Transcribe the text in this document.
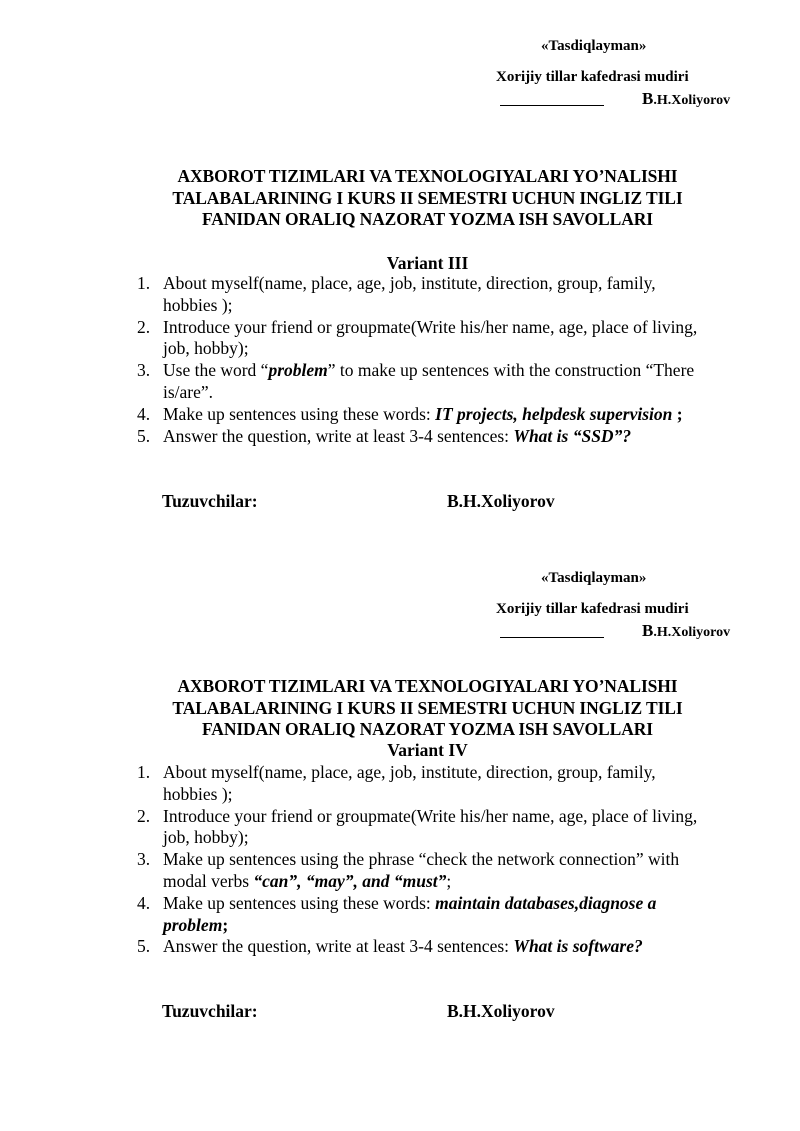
«Tasdiqlayman»
Xorijiy tillar kafedrasi mudiri
B.H.Xoliyorov
AXBOROT TIZIMLARI VA TEXNOLOGIYALARI YO’NALISHI
TALABALARINING I KURS II SEMESTRI UCHUN INGLIZ TILI
FANIDAN ORALIQ NAZORAT YOZMA ISH SAVOLLARI
Variant III
1. About myself(name, place, age, job, institute, direction, group, family,
hobbies );
2. Introduce your friend or groupmate(Write his/her name, age, place of living,
job, hobby);
3. Use the word “problem” to make up sentences with the construction “There
is/are”.
4. Make up sentences using these words: IT projects, helpdesk supervision ;
5. Answer the question, write at least 3-4 sentences: What is “SSD”?
Tuzuvchilar:	B.H.Xoliyorov
«Tasdiqlayman»
Xorijiy tillar kafedrasi mudiri
B.H.Xoliyorov
AXBOROT TIZIMLARI VA TEXNOLOGIYALARI YO’NALISHI
TALABALARINING I KURS II SEMESTRI UCHUN INGLIZ TILI
FANIDAN ORALIQ NAZORAT YOZMA ISH SAVOLLARI
Variant IV
1. About myself(name, place, age, job, institute, direction, group, family,
hobbies );
2. Introduce your friend or groupmate(Write his/her name, age, place of living,
job, hobby);
3. Make up sentences using the phrase “check the network connection” with
modal verbs “can”, “may”, and “must”;
4. Make up sentences using these words: maintain databases,diagnose a
problem;
5. Answer the question, write at least 3-4 sentences: What is software?
Tuzuvchilar:	B.H.Xoliyorov
